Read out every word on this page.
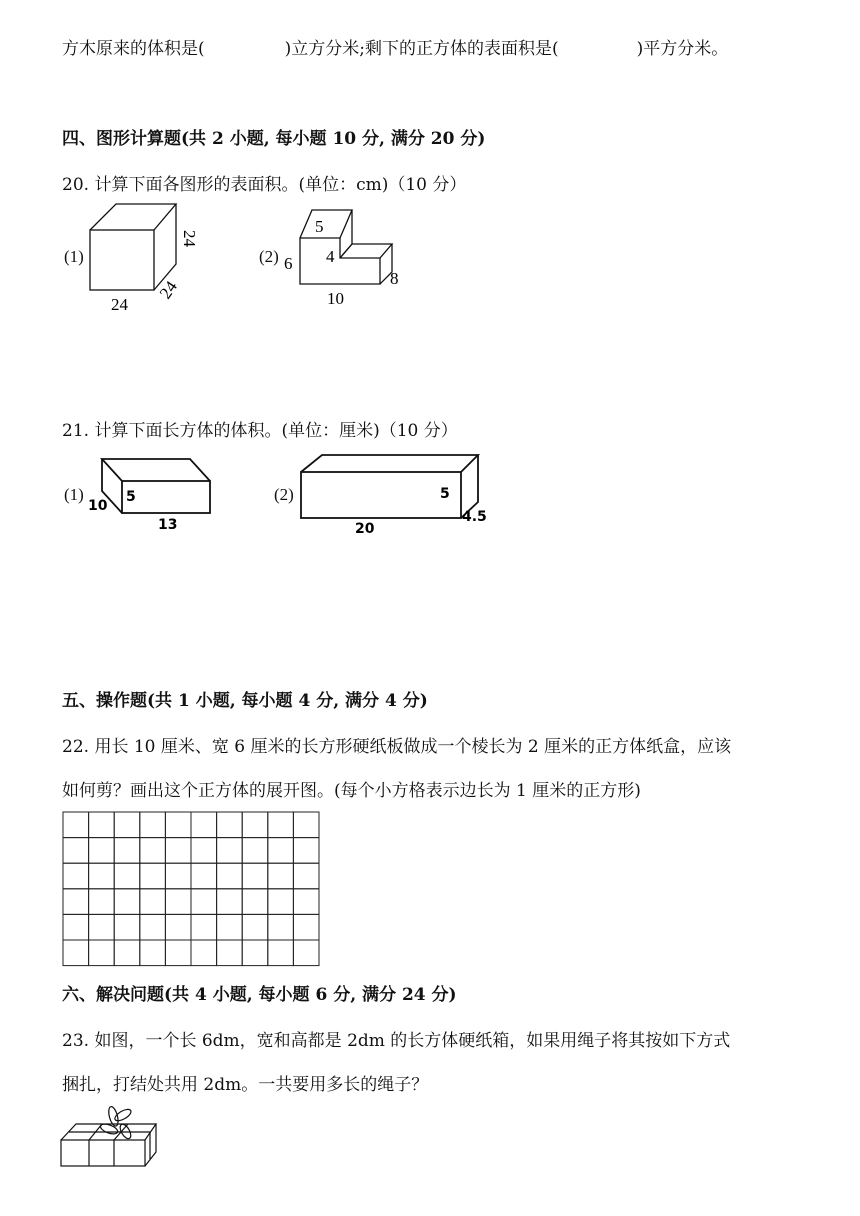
方木原来的体积是(	)立方分米;剩下的正方体的表面积是(	)平方分米。
四、图形计算题(共 2 小题, 每小题 10 分, 满分 20 分)
20. 计算下面各图形的表面积。(单位：cm)（10 分）
(1)
24
24
24
(2)
5
4
6
8
10
21. 计算下面长方体的体积。(单位：厘米)（10 分）
(1)
10
5
13
(2)	5
4.5
20
五、操作题(共 1 小题, 每小题 4 分, 满分 4 分)
22. 用长 10 厘米、宽 6 厘米的长方形硬纸板做成一个棱长为 2 厘米的正方体纸盒，应该
如何剪？画出这个正方体的展开图。(每个小方格表示边长为 1 厘米的正方形)
六、解决问题(共 4 小题, 每小题 6 分, 满分 24 分)
23. 如图，一个长 6dm，宽和高都是 2dm 的长方体硬纸箱，如果用绳子将其按如下方式
捆扎，打结处共用 2dm。一共要用多长的绳子？
